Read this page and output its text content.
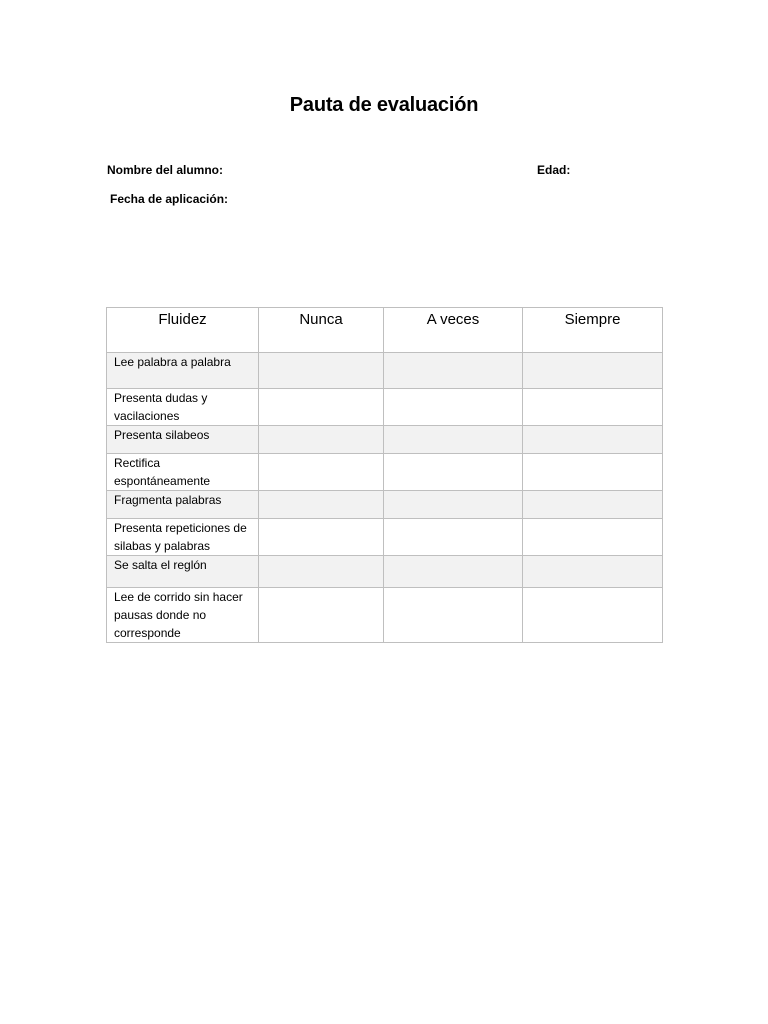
Pauta de evaluación
Nombre del alumno:	Edad:
Fecha de aplicación:
Fluidez	Nunca	A veces	Siempre
Lee palabra a palabra			
Presenta dudas y vacilaciones			
Presenta silabeos			
Rectifica espontáneamente			
Fragmenta palabras			
Presenta repeticiones de silabas y palabras			
Se salta el reglón			
Lee de corrido sin hacer pausas donde no corresponde			
